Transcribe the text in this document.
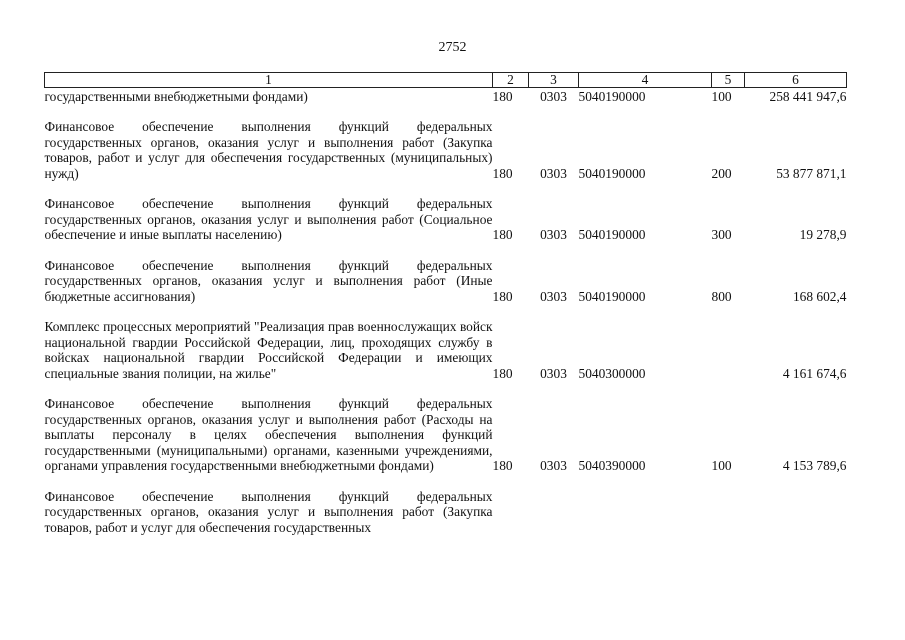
2752
1	2	3	4	5	6
государственными внебюджетными фондами)	180	0303	5040190000	100	258 441 947,6

Финансовое обеспечение выполнения функций федеральных государственных органов, оказания услуг и выполнения работ (Закупка товаров, работ и услуг для обеспечения государственных (муниципальных) нужд)	180	0303	5040190000	200	53 877 871,1

Финансовое обеспечение выполнения функций федеральных государственных органов, оказания услуг и выполнения работ (Социальное обеспечение и иные выплаты населению)	180	0303	5040190000	300	19 278,9

Финансовое обеспечение выполнения функций федеральных государственных органов, оказания услуг и выполнения работ (Иные бюджетные ассигнования)	180	0303	5040190000	800	168 602,4

Комплекс процессных мероприятий "Реализация прав военнослужащих войск национальной гвардии Российской Федерации, лиц, проходящих службу в войсках национальной гвардии Российской Федерации и имеющих специальные звания полиции, на жилье"	180	0303	5040300000		4 161 674,6

Финансовое обеспечение выполнения функций федеральных государственных органов, оказания услуг и выполнения работ (Расходы на выплаты персоналу в целях обеспечения выполнения функций государственными (муниципальными) органами, казенными учреждениями, органами управления государственными внебюджетными фондами)	180	0303	5040390000	100	4 153 789,6

Финансовое обеспечение выполнения функций федеральных государственных органов, оказания услуг и выполнения работ (Закупка товаров, работ и услуг для обеспечения государственных					
